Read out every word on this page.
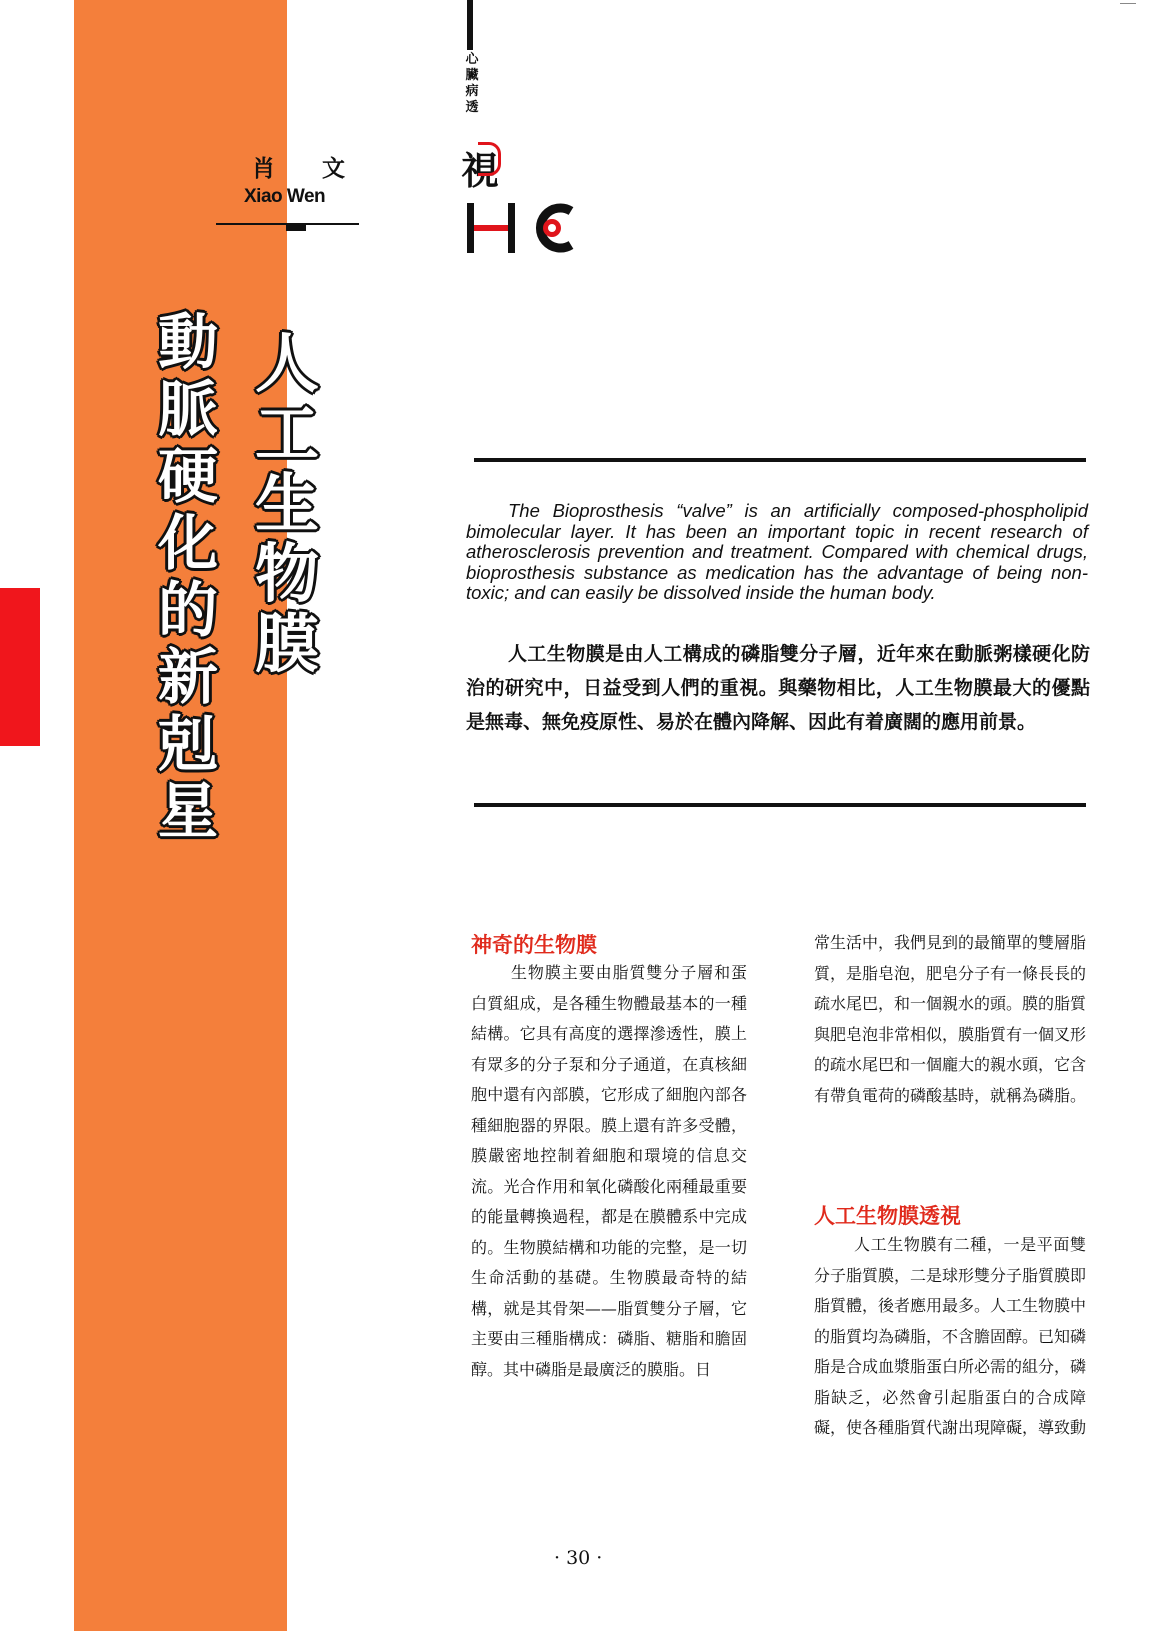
肖　文
Xiao Wen
人
工
生
物
膜
動
脈
硬
化
的
新
剋
星
心
臟
病
透
視

The Bioprosthesis “valve” is an artificially composed-phospholipid bimolecular layer. It has been an important topic in recent research of atherosclerosis prevention and treatment. Compared with chemical drugs, bioprosthesis substance as medication has the advantage of being non-toxic; and can easily be dissolved inside the human body.

人工生物膜是由人工構成的磷脂雙分子層，近年來在動脈粥樣硬化防治的研究中，日益受到人們的重視。與藥物相比，人工生物膜最大的優點是無毒、無免疫原性、易於在體內降解、因此有着廣闊的應用前景。

神奇的生物膜

生物膜主要由脂質雙分子層和蛋白質組成，是各種生物體最基本的一種結構。它具有高度的選擇滲透性，膜上有眾多的分子泵和分子通道，在真核細胞中還有內部膜，它形成了細胞內部各種細胞器的界限。膜上還有許多受體，膜嚴密地控制着細胞和環境的信息交流。光合作用和氧化磷酸化兩種最重要的能量轉換過程，都是在膜體系中完成的。生物膜結構和功能的完整，是一切生命活動的基礎。生物膜最奇特的結構，就是其骨架——脂質雙分子層，它主要由三種脂構成：磷脂、糖脂和膽固醇。其中磷脂是最廣泛的膜脂。日

常生活中，我們見到的最簡單的雙層脂質，是脂皂泡，肥皂分子有一條長長的疏水尾巴，和一個親水的頭。膜的脂質與肥皂泡非常相似，膜脂質有一個叉形的疏水尾巴和一個龐大的親水頭，它含有帶負電荷的磷酸基時，就稱為磷脂。

人工生物膜透視

人工生物膜有二種，一是平面雙分子脂質膜，二是球形雙分子脂質膜即脂質體，後者應用最多。人工生物膜中的脂質均為磷脂，不含膽固醇。已知磷脂是合成血漿脂蛋白所必需的組分，磷脂缺乏，必然會引起脂蛋白的合成障礙，使各種脂質代謝出現障礙，導致動

· 30 ·
